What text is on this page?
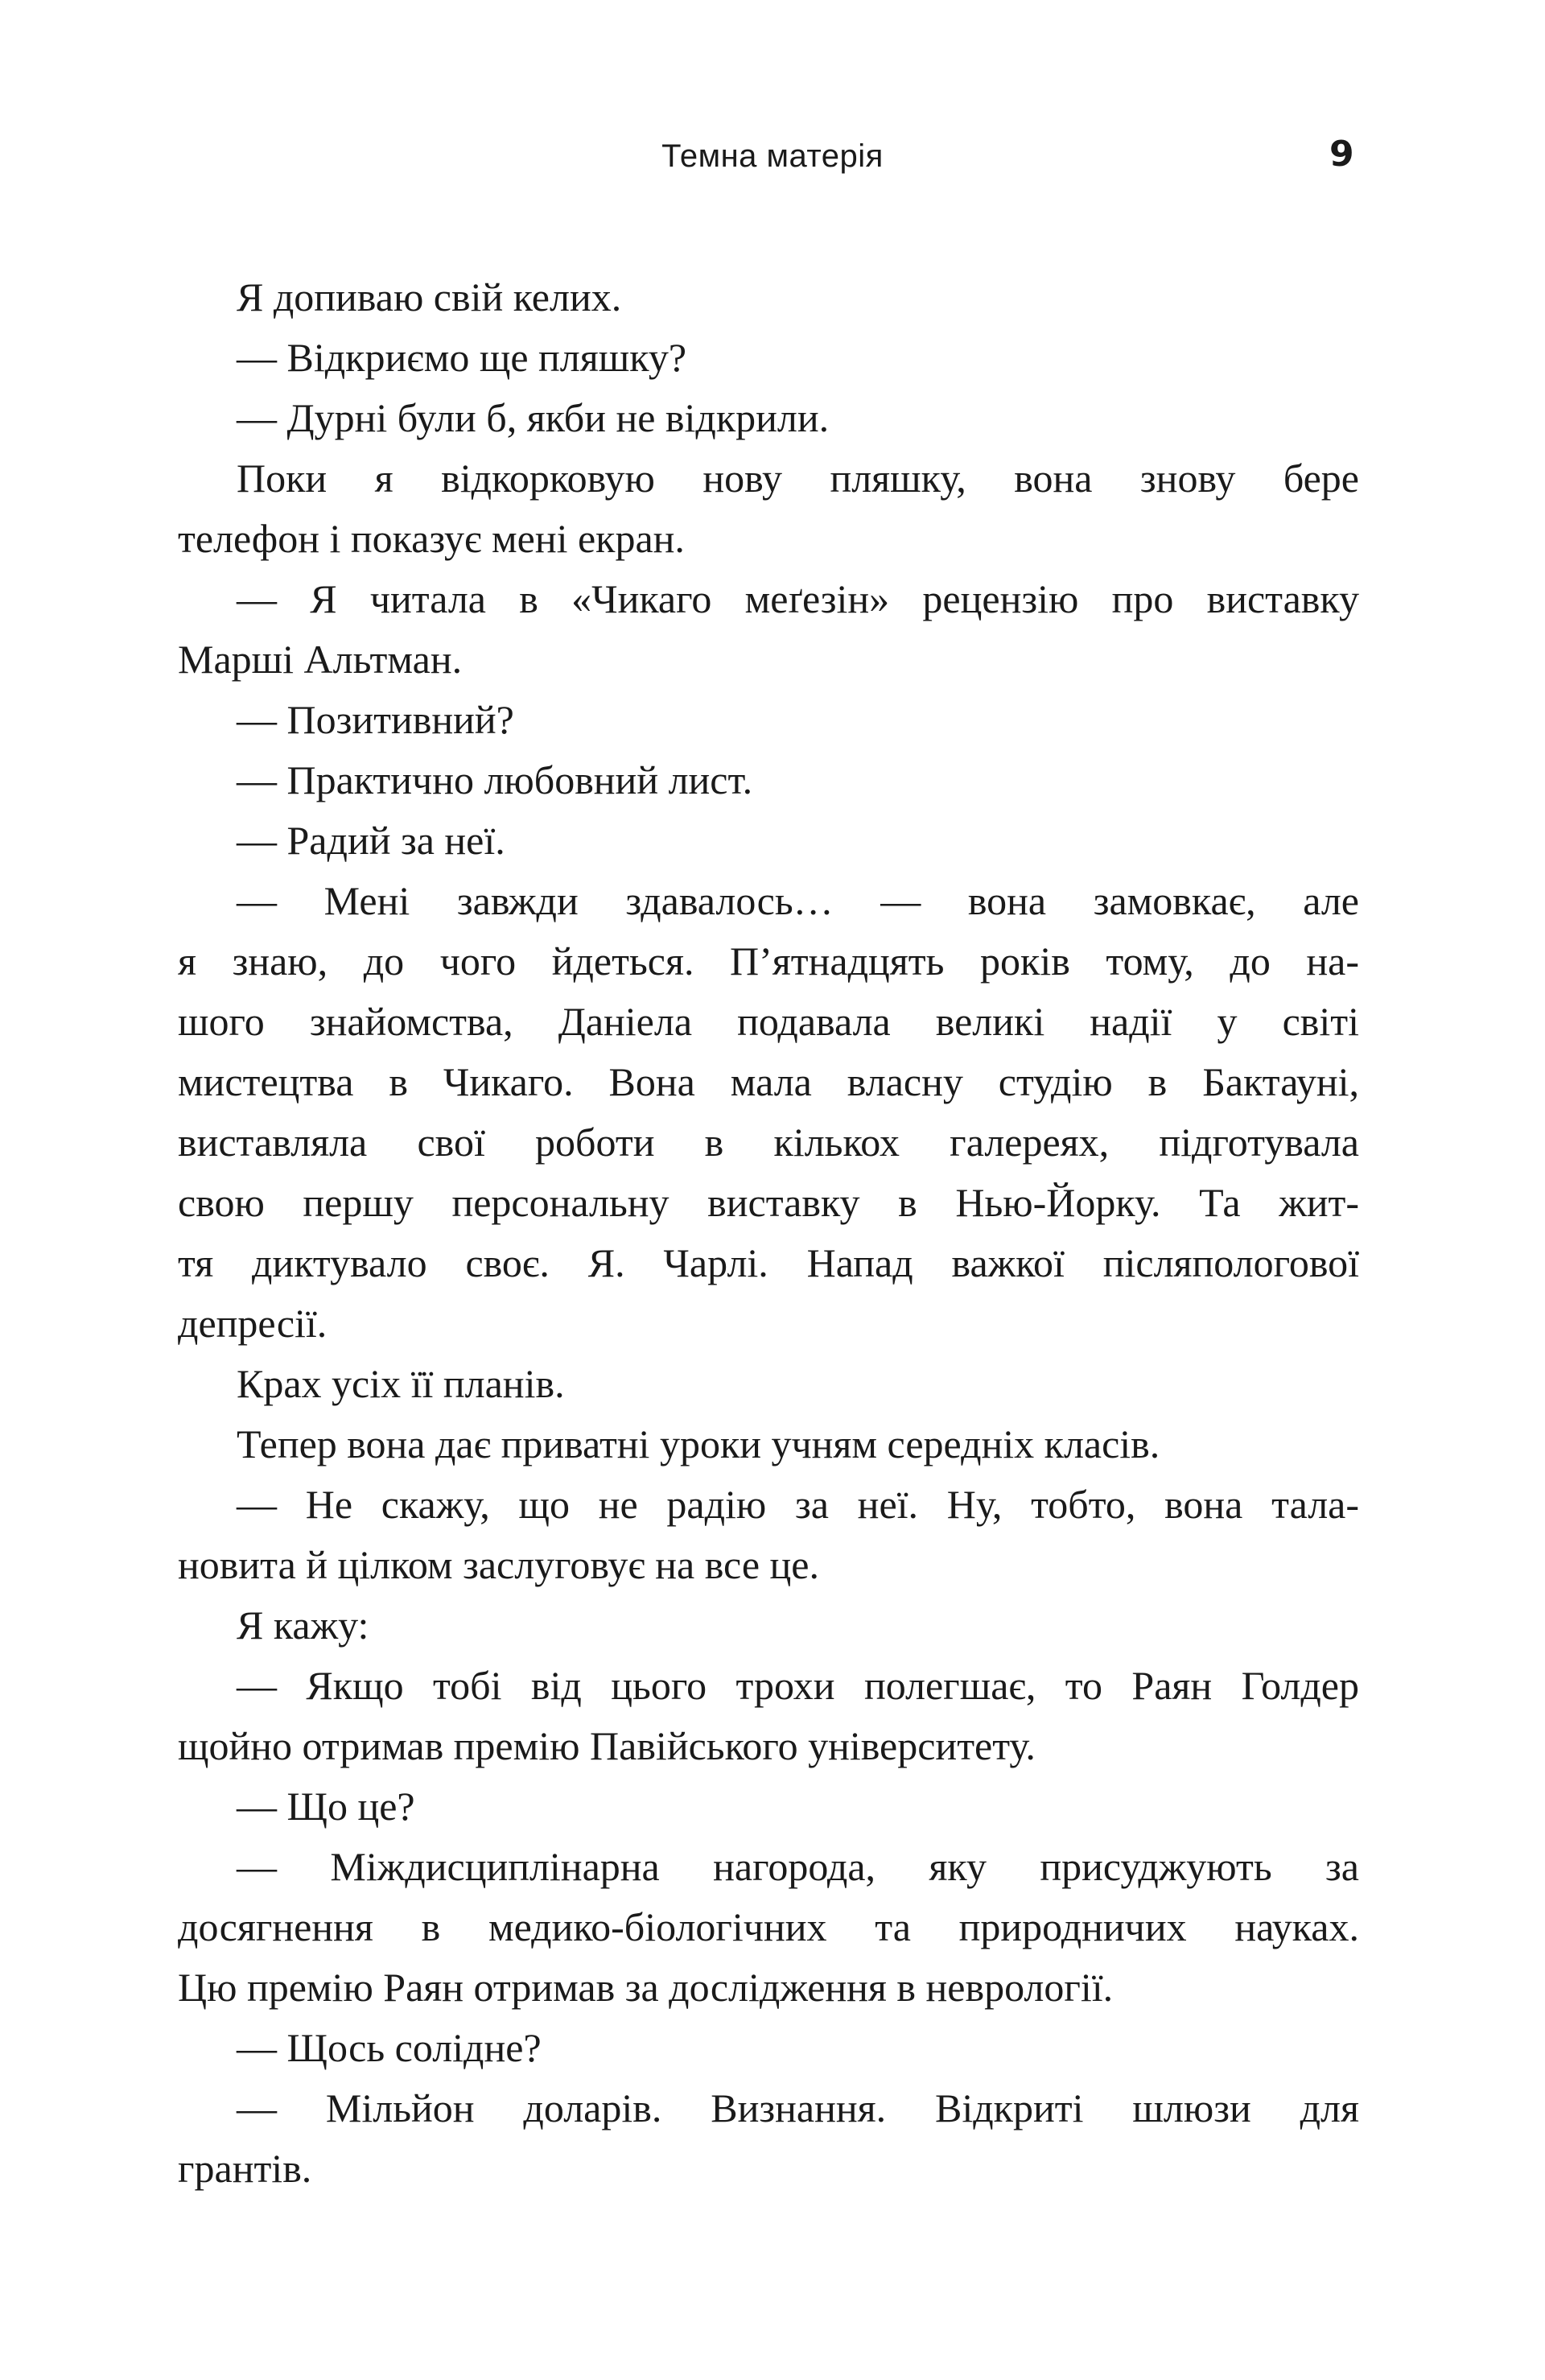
Темна матерія	9
Я допиваю свій келих.
— Відкриємо ще пляшку?
— Дурні були б, якби не відкрили.
Поки я відкорковую нову пляшку, вона знову бере
телефон і показує мені екран.
— Я читала в «Чикаго меґезін» рецензію про виставку
Марші Альтман.
— Позитивний?
— Практично любовний лист.
— Радий за неї.
— Мені завжди здавалось… — вона замовкає, але
я знаю, до чого йдеться. П’ятнадцять років тому, до на-
шого знайомства, Даніела подавала великі надії у світі
мистецтва в Чикаго. Вона мала власну студію в Бактауні,
виставляла свої роботи в кількох галереях, підготувала
свою першу персональну виставку в Нью-Йорку. Та жит-
тя диктувало своє. Я. Чарлі. Напад важкої післяпологової
депресії.
Крах усіх її планів.
Тепер вона дає приватні уроки учням середніх класів.
— Не скажу, що не радію за неї. Ну, тобто, вона тала-
новита й цілком заслуговує на все це.
Я кажу:
— Якщо тобі від цього трохи полегшає, то Раян Голдер
щойно отримав премію Павійського університету.
— Що це?
— Міждисциплінарна нагорода, яку присуджують за
досягнення в медико-біологічних та природничих науках.
Цю премію Раян отримав за дослідження в неврології.
— Щось солідне?
— Мільйон доларів. Визнання. Відкриті шлюзи для
грантів.
